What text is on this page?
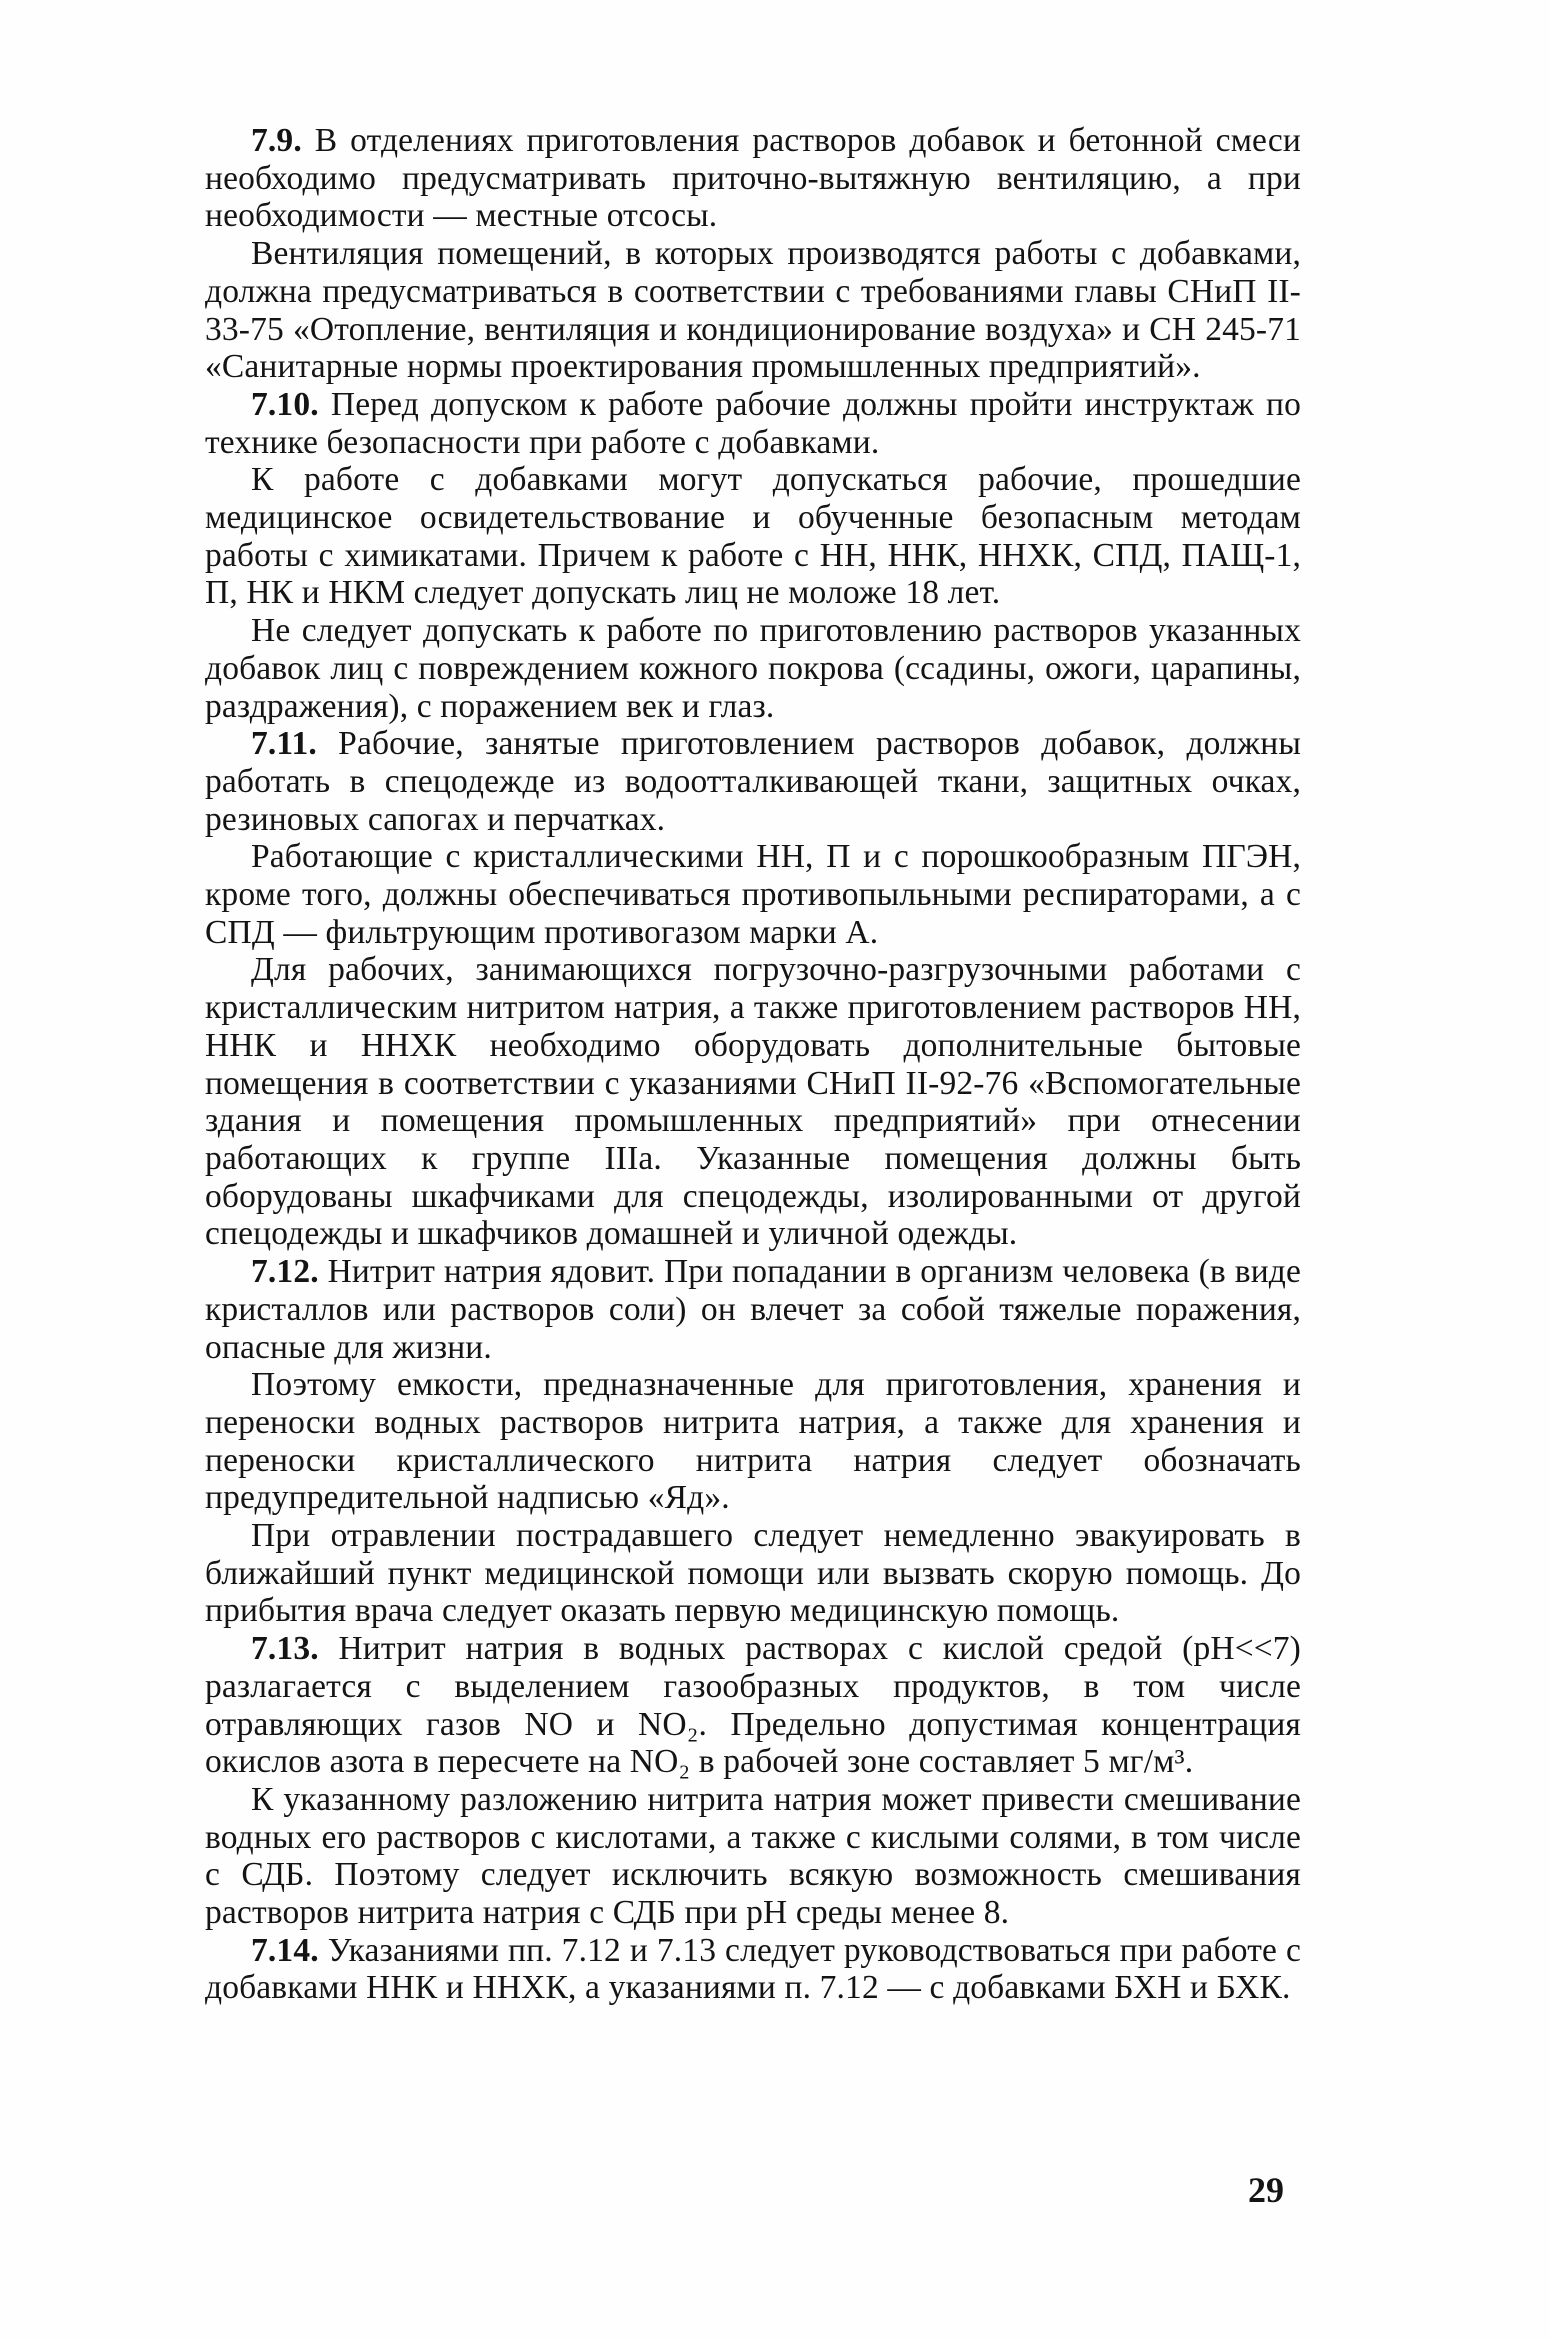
7.9. В отделениях приготовления растворов добавок и бетонной смеси необходимо предусматривать приточно-вытяжную вентиляцию, а при необходимости — местные отсосы.

Вентиляция помещений, в которых производятся работы с добавками, должна предусматриваться в соответствии с требованиями главы СНиП II-33-75 «Отопление, вентиляция и кондиционирование воздуха» и СН 245-71 «Санитарные нормы проектирования промышленных предприятий».

7.10. Перед допуском к работе рабочие должны пройти инструктаж по технике безопасности при работе с добавками.

К работе с добавками могут допускаться рабочие, прошедшие медицинское освидетельствование и обученные безопасным методам работы с химикатами. Причем к работе с НН, ННК, ННХК, СПД, ПАЩ-1, П, НК и НКМ следует допускать лиц не моложе 18 лет.

Не следует допускать к работе по приготовлению растворов указанных добавок лиц с повреждением кожного покрова (ссадины, ожоги, царапины, раздражения), с поражением век и глаз.

7.11. Рабочие, занятые приготовлением растворов добавок, должны работать в спецодежде из водоотталкивающей ткани, защитных очках, резиновых сапогах и перчатках.

Работающие с кристаллическими НН, П и с порошкообразным ПГЭН, кроме того, должны обеспечиваться противопыльными респираторами, а с СПД — фильтрующим противогазом марки А.

Для рабочих, занимающихся погрузочно-разгрузочными работами с кристаллическим нитритом натрия, а также приготовлением растворов НН, ННК и ННХК необходимо оборудовать дополнительные бытовые помещения в соответствии с указаниями СНиП II-92-76 «Вспомогательные здания и помещения промышленных предприятий» при отнесении работающих к группе IIIа. Указанные помещения должны быть оборудованы шкафчиками для спецодежды, изолированными от другой спецодежды и шкафчиков домашней и уличной одежды.

7.12. Нитрит натрия ядовит. При попадании в организм человека (в виде кристаллов или растворов соли) он влечет за собой тяжелые поражения, опасные для жизни.

Поэтому емкости, предназначенные для приготовления, хранения и переноски водных растворов нитрита натрия, а также для хранения и переноски кристаллического нитрита натрия следует обозначать предупредительной надписью «Яд».

При отравлении пострадавшего следует немедленно эвакуировать в ближайший пункт медицинской помощи или вызвать скорую помощь. До прибытия врача следует оказать первую медицинскую помощь.

7.13. Нитрит натрия в водных растворах с кислой средой (рН<<7) разлагается с выделением газообразных продуктов, в том числе отравляющих газов NO и NO₂. Предельно допустимая концентрация окислов азота в пересчете на NO₂ в рабочей зоне составляет 5 мг/м³.

К указанному разложению нитрита натрия может привести смешивание водных его растворов с кислотами, а также с кислыми солями, в том числе с СДБ. Поэтому следует исключить всякую возможность смешивания растворов нитрита натрия с СДБ при рН среды менее 8.

7.14. Указаниями пп. 7.12 и 7.13 следует руководствоваться при работе с добавками ННК и ННХК, а указаниями п. 7.12 — с добавками БХН и БХК.

29
